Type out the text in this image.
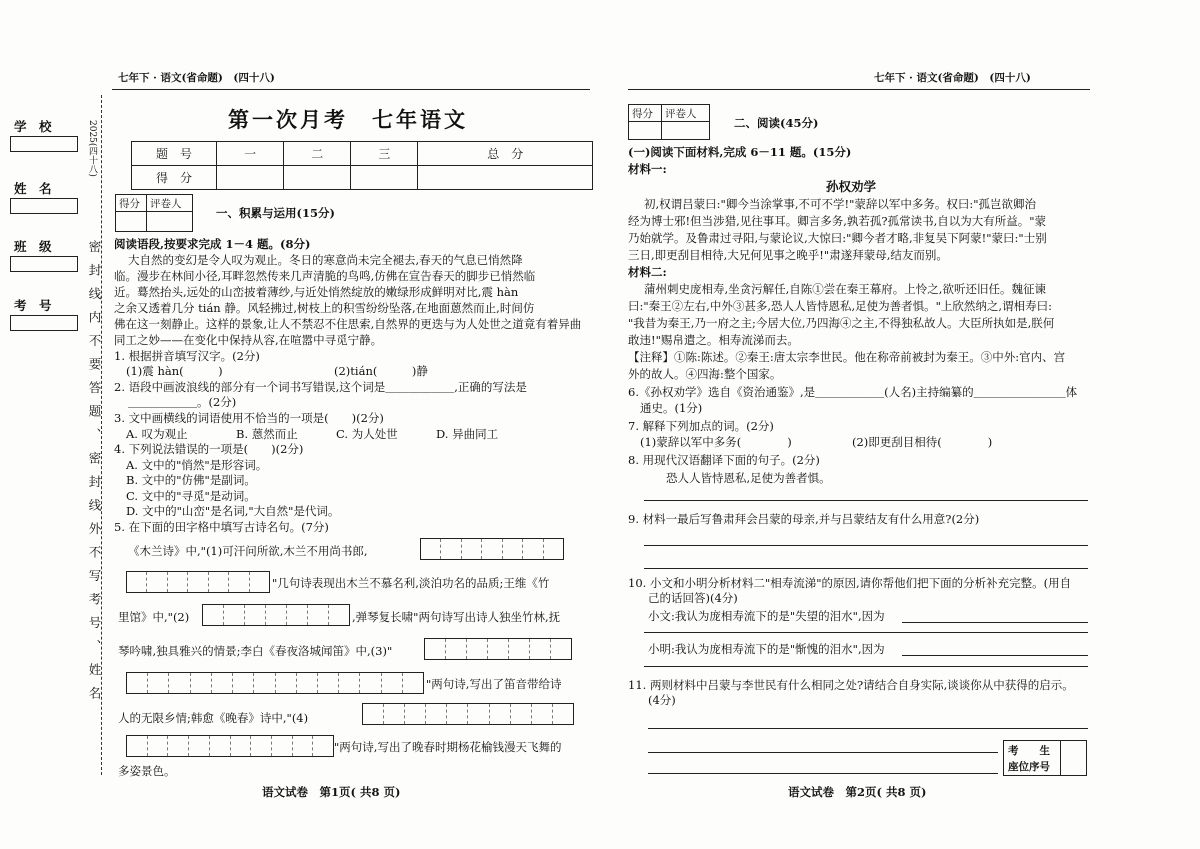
学　校
姓　名
班　级
考　号
2025(四十八)
密封线内不要答题、密封线外不写考号、姓名
七年下 · 语文(省命题)　(四十八)
第一次月考　七年语文
题　号	一	二	三	总　分
得　分				
得分 评卷人
一、积累与运用(15分)
阅读语段,按要求完成 1－4 题。(8分)
大自然的变幻是令人叹为观止。冬日的寒意尚未完全褪去,春天的气息已悄然降
临。漫步在林间小径,耳畔忽然传来几声清脆的鸟鸣,仿佛在宣告春天的脚步已悄然临
近。蓦然抬头,远处的山峦披着薄纱,与近处悄然绽放的嫩绿形成鲜明对比,震 hàn
之余又透着几分 tián 静。风轻拂过,树枝上的积雪纷纷坠落,在地面蒽然而止,时间仿
佛在这一刻静止。这样的景象,让人不禁忍不住思索,自然界的更迭与为人处世之道竟有着异曲
同工之妙——在变化中保持从容,在喧嚣中寻觅宁静。
1. 根据拼音填写汉字。(2分)
(1)震 hàn(　　　)	(2)tián(　　　)静
2. 语段中画波浪线的部分有一个词书写错误,这个词是＿＿＿＿＿＿,正确的写法是
＿＿＿＿＿＿。(2分)
3. 文中画横线的词语使用不恰当的一项是(　　)(2分)
A. 叹为观止	B. 蒽然而止	C. 为人处世	D. 异曲同工
4. 下列说法错误的一项是(　　)(2分)
A. 文中的"悄然"是形容词。
B. 文中的"仿佛"是副词。
C. 文中的"寻觅"是动词。
D. 文中的"山峦"是名词,"大自然"是代词。
5. 在下面的田字格中填写古诗名句。(7分)
《木兰诗》中,"(1)可汗问所欲,木兰不用尚书郎,
"几句诗表现出木兰不慕名利,淡泊功名的品质;王维《竹
里馆》中,"(2)	,弹琴复长啸"两句诗写出诗人独坐竹林,抚
琴吟啸,独具雅兴的情景;李白《春夜洛城闻笛》中,(3)"
"两句诗,写出了笛音带给诗
人的无限乡情;韩愈《晚春》诗中,"(4)
"两句诗,写出了晚春时期杨花榆钱漫天飞舞的
多姿景色。
语文试卷　第1页( 共8 页)
七年下 · 语文(省命题)　(四十八)
得分 评卷人
二、阅读(45分)
(一)阅读下面材料,完成 6－11 题。(15分)
材料一:
孙权劝学
初,权谓吕蒙曰:"卿今当涂掌事,不可不学!"蒙辞以军中多务。权曰:"孤岂欲卿治
经为博士邪!但当涉猎,见往事耳。卿言多务,孰若孤?孤常读书,自以为大有所益。"蒙
乃始就学。及鲁肃过寻阳,与蒙论议,大惊曰:"卿今者才略,非复吴下阿蒙!"蒙曰:"士别
三日,即更刮目相待,大兄何见事之晚乎!"肃遂拜蒙母,结友而别。
材料二:
蒲州刺史庞相寿,坐贪污解任,自陈①尝在秦王幕府。上怜之,欲听还旧任。魏征谏
曰:"秦王②左右,中外③甚多,恐人人皆恃恩私,足使为善者惧。"上欣然纳之,谓相寿曰:
"我昔为秦王,乃一府之主;今居大位,乃四海④之主,不得独私故人。大臣所执如是,朕何
敢违!"赐帛遣之。相寿流涕而去。
【注释】①陈:陈述。②秦王:唐太宗李世民。他在称帝前被封为秦王。③中外:官内、宫
外的故人。④四海:整个国家。
6.《孙权劝学》选自《资治通鉴》,是＿＿＿＿＿＿(人名)主持编纂的＿＿＿＿＿＿＿＿体
通史。(1分)
7. 解释下列加点的词。(2分)
(1)蒙辞以军中多务(　　　　)	(2)即更刮目相待(　　　　)
8. 用现代汉语翻译下面的句子。(2分)
恐人人皆恃恩私,足使为善者惧。
9. 材料一最后写鲁肃拜会吕蒙的母亲,并与吕蒙结友有什么用意?(2分)
10. 小文和小明分析材料二"相寿流涕"的原因,请你帮他们把下面的分析补充完整。(用自
己的话回答)(4分)
小文:我认为庞相寿流下的是"失望的泪水",因为
小明:我认为庞相寿流下的是"惭愧的泪水",因为
11. 两则材料中吕蒙与李世民有什么相同之处?请结合自身实际,谈谈你从中获得的启示。
(4分)
考　　生
座位序号
语文试卷　第2页( 共8 页)
